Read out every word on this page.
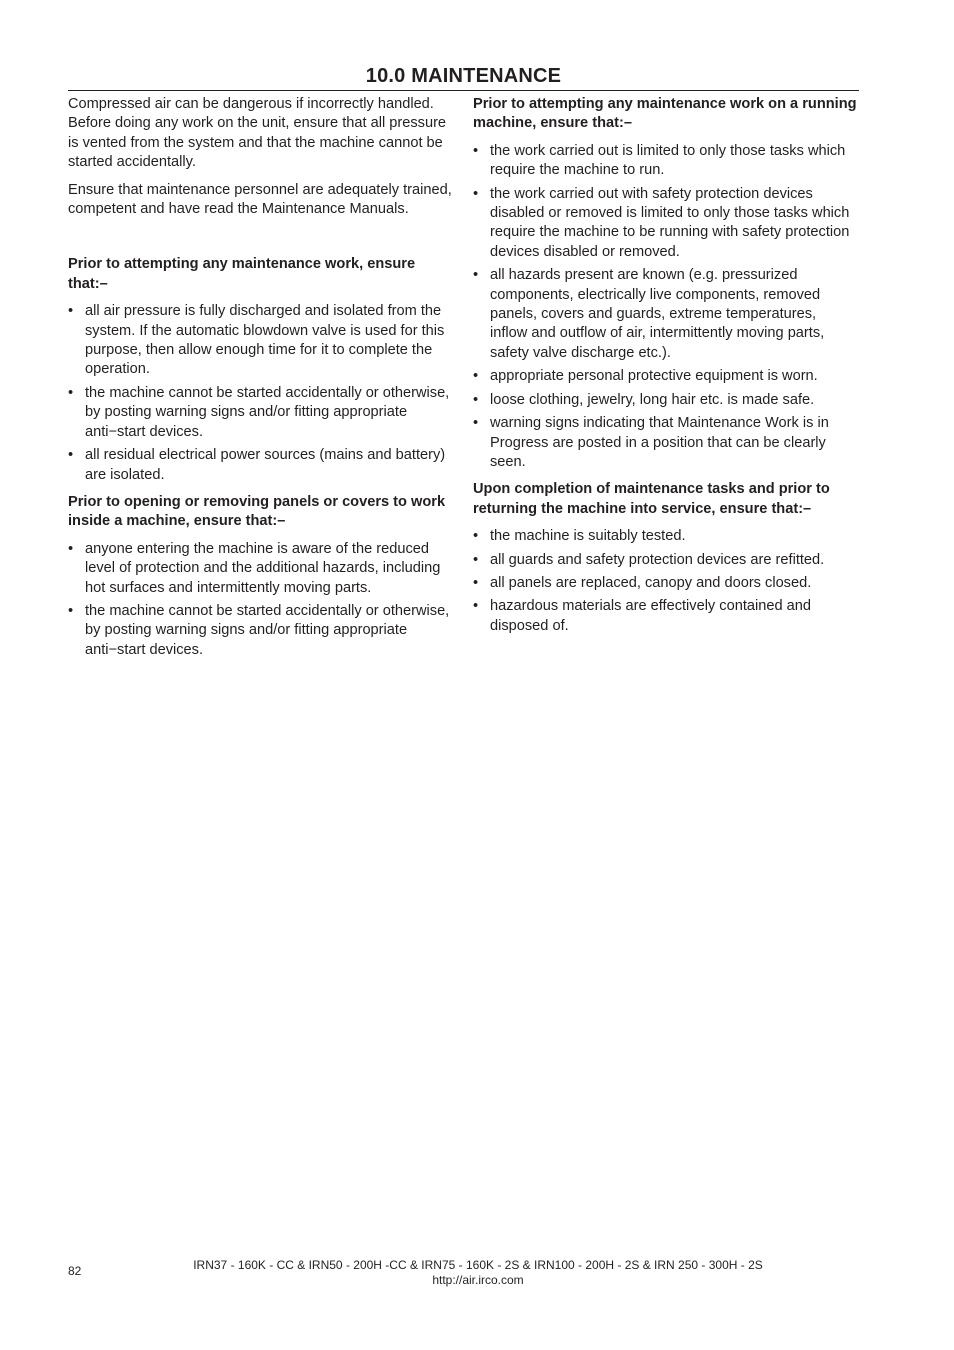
10.0 MAINTENANCE

Compressed air can be dangerous if incorrectly handled. Before doing any work on the unit, ensure that all pressure is vented from the system and that the machine cannot be started accidentally.

Ensure that maintenance personnel are adequately trained, competent and have read the Maintenance Manuals.

Prior to attempting any maintenance work, ensure that:–

• all air pressure is fully discharged and isolated from the system. If the automatic blowdown valve is used for this purpose, then allow enough time for it to complete the operation.
• the machine cannot be started accidentally or otherwise, by posting warning signs and/or fitting appropriate anti−start devices.
• all residual electrical power sources (mains and battery) are isolated.

Prior to opening or removing panels or covers to work inside a machine, ensure that:–

• anyone entering the machine is aware of the reduced level of protection and the additional hazards, including hot surfaces and intermittently moving parts.
• the machine cannot be started accidentally or otherwise, by posting warning signs and/or fitting appropriate anti−start devices.

Prior to attempting any maintenance work on a running machine, ensure that:–

• the work carried out is limited to only those tasks which require the machine to run.
• the work carried out with safety protection devices disabled or removed is limited to only those tasks which require the machine to be running with safety protection devices disabled or removed.
• all hazards present are known (e.g. pressurized components, electrically live components, removed panels, covers and guards, extreme temperatures, inflow and outflow of air, intermittently moving parts, safety valve discharge etc.).
• appropriate personal protective equipment is worn.
• loose clothing, jewelry, long hair etc. is made safe.
• warning signs indicating that Maintenance Work is in Progress are posted in a position that can be clearly seen.

Upon completion of maintenance tasks and prior to returning the machine into service, ensure that:–

• the machine is suitably tested.
• all guards and safety protection devices are refitted.
• all panels are replaced, canopy and doors closed.
• hazardous materials are effectively contained and disposed of.
82	IRN37 - 160K - CC & IRN50 - 200H -CC & IRN75 - 160K - 2S & IRN100 - 200H - 2S & IRN 250 - 300H - 2S
http://air.irco.com
